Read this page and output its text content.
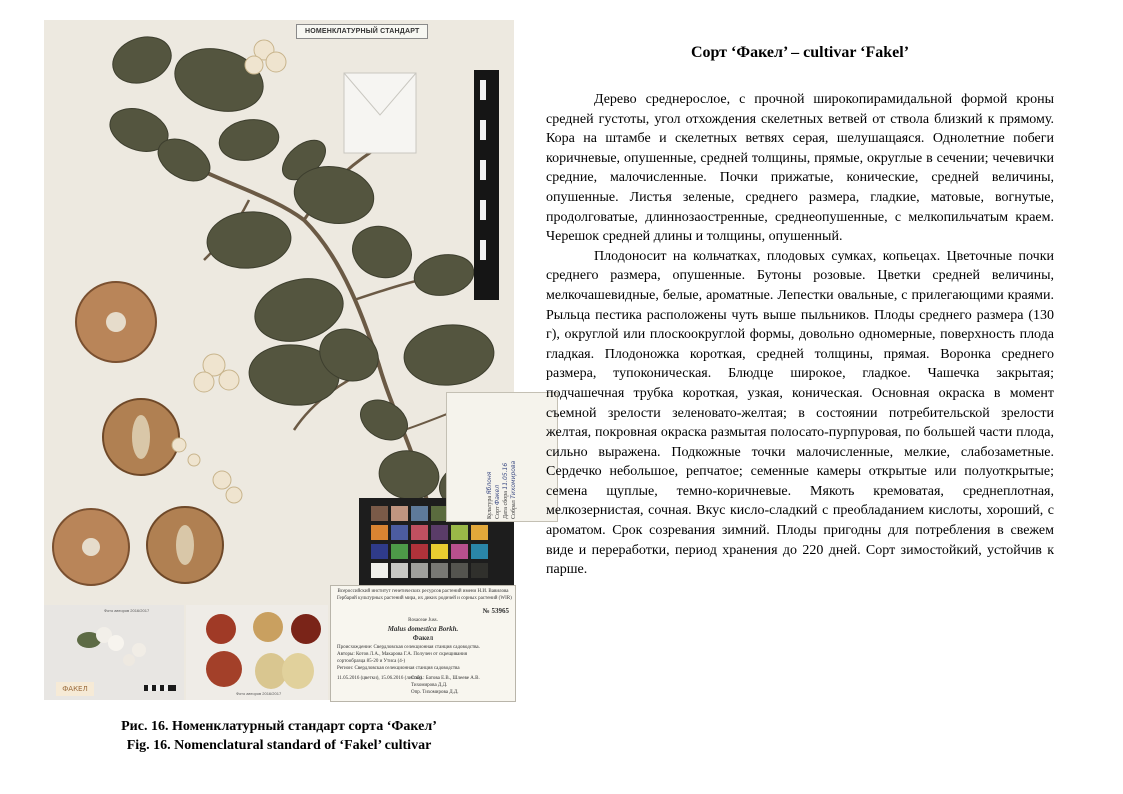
НОМЕНКЛАТУРНЫЙ СТАНДАРТ
Культура Яблоня
Сорт Факел Дата сбора 11.05.16
Собрал Тихомирова
Фото авторов 2016/2017
ФАКЕЛ
Фото авторов 2016/2017
Всероссийский институт генетических ресурсов растений имени Н.И. Вавилова
Гербарий культурных растений мира, их диких родичей и сорных растений (WIR)
№ 53965
Rosaceae Juss.
Malus domestica Borkh.
Факел
Происхождение: Свердловская селекционная станция садоводства.
Авторы: Котов Л.А., Макарова Г.А. Получен от скрещивания
сортообразца 85-20 и Утиса (4-)
Регион: Свердловская селекционная станция садоводства
11.05.2016 (цветки), 15.06.2016 (листья)
Собр.: Батова Е.В., Шлееве А.В.
Тихомирова Д.Д.
Опр. Тихомирова Д.Д.
Рис. 16. Номенклатурный стандарт сорта ‘Факел’
Fig. 16. Nomenclatural standard of ‘Fakel’ cultivar
Сорт ‘Факел’ – cultivar ‘Fakel’

Дерево среднерослое, с прочной широкопирамидальной формой кроны средней густоты, угол отхождения скелетных ветвей от ствола близкий к прямому. Кора на штамбе и скелетных ветвях серая, шелушащаяся. Однолетние побеги коричневые, опушенные, средней толщины, прямые, округлые в сечении; чечевички средние, малочисленные. Почки прижатые, конические, средней величины, опушенные. Листья зеленые, среднего размера, гладкие, матовые, вогнутые, продолговатые, длиннозаостренные, среднеопушенные, с мелкопильчатым краем. Черешок средней длины и толщины, опушенный.

Плодоносит на кольчатках, плодовых сумках, копьецах. Цветочные почки среднего размера, опушенные. Бутоны розовые. Цветки средней величины, мелкочашевидные, белые, ароматные. Лепестки овальные, с прилегающими краями. Рыльца пестика расположены чуть выше пыльников. Плоды среднего размера (130 г), округлой или плоскоокруглой формы, довольно одномерные, поверхность плода гладкая. Плодоножка короткая, средней толщины, прямая. Воронка среднего размера, тупоконическая. Блюдце широкое, гладкое. Чашечка закрытая; подчашечная трубка короткая, узкая, коническая. Основная окраска в момент съемной зрелости зеленовато-желтая; в состоянии потребительской зрелости желтая, покровная окраска размытая полосато-пурпуровая, по большей части плода, сильно выражена. Подкожные точки малочисленные, мелкие, слабозаметные. Сердечко небольшое, репчатое; семенные камеры открытые или полуоткрытые; семена щуплые, темно-коричневые. Мякоть кремоватая, среднеплотная, мелкозернистая, сочная. Вкус кисло-сладкий с преобладанием кислоты, хороший, с ароматом. Срок созревания зимний. Плоды пригодны для потребления в свежем виде и переработки, период хранения до 220 дней. Сорт зимостойкий, устойчив к парше.
